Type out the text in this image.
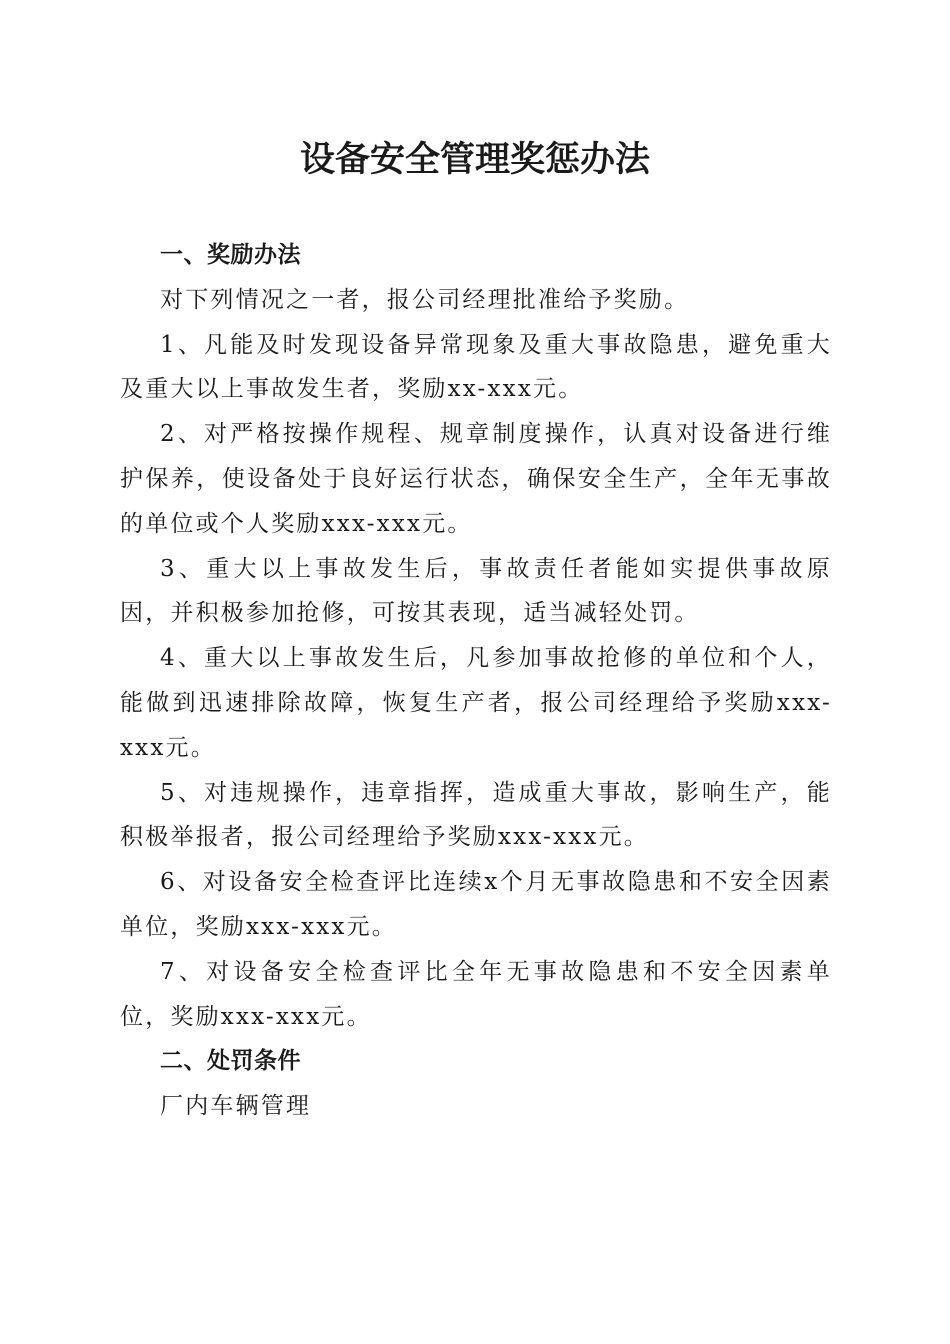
设备安全管理奖惩办法

一、奖励办法

对下列情况之一者，报公司经理批准给予奖励。

1、凡能及时发现设备异常现象及重大事故隐患，避免重大及重大以上事故发生者，奖励xx-xxx元。

2、对严格按操作规程、规章制度操作，认真对设备进行维护保养，使设备处于良好运行状态，确保安全生产，全年无事故的单位或个人奖励xxx-xxx元。

3、重大以上事故发生后，事故责任者能如实提供事故原因，并积极参加抢修，可按其表现，适当减轻处罚。

4、重大以上事故发生后，凡参加事故抢修的单位和个人，能做到迅速排除故障，恢复生产者，报公司经理给予奖励xxx-xxx元。

5、对违规操作，违章指挥，造成重大事故，影响生产，能积极举报者，报公司经理给予奖励xxx-xxx元。

6、对设备安全检查评比连续x个月无事故隐患和不安全因素单位，奖励xxx-xxx元。

7、对设备安全检查评比全年无事故隐患和不安全因素单位，奖励xxx-xxx元。

二、处罚条件

厂内车辆管理
